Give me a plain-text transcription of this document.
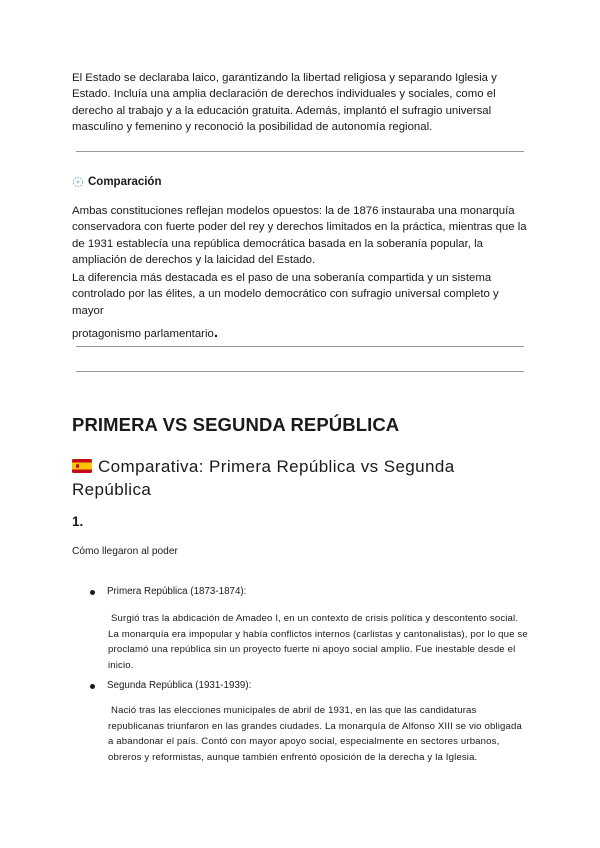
El Estado se declaraba laico, garantizando la libertad religiosa y separando Iglesia y Estado. Incluía una amplia declaración de derechos individuales y sociales, como el derecho al trabajo y a la educación gratuita. Además, implantó el sufragio universal masculino y femenino y reconoció la posibilidad de autonomía regional.
Comparación
Ambas constituciones reflejan modelos opuestos: la de 1876 instauraba una monarquía conservadora con fuerte poder del rey y derechos limitados en la práctica, mientras que la de 1931 establecía una república democrática basada en la soberanía popular, la ampliación de derechos y la laicidad del Estado.
La diferencia más destacada es el paso de una soberanía compartida y un sistema controlado por las élites, a un modelo democrático con sufragio universal completo y mayor
protagonismo parlamentario.
PRIMERA VS SEGUNDA REPÚBLICA
Comparativa: Primera República vs Segunda República
1.
Cómo llegaron al poder
Primera República (1873-1874):
Surgió tras la abdicación de Amadeo I, en un contexto de crisis política y descontento social. La monarquía era impopular y había conflictos internos (carlistas y cantonalistas), por lo que se proclamó una república sin un proyecto fuerte ni apoyo social amplio. Fue inestable desde el inicio.
Segunda República (1931-1939):
Nació tras las elecciones municipales de abril de 1931, en las que las candidaturas republicanas triunfaron en las grandes ciudades. La monarquía de Alfonso XIII se vio obligada a abandonar el país. Contó con mayor apoyo social, especialmente en sectores urbanos, obreros y reformistas, aunque también enfrentó oposición de la derecha y la Iglesia.
